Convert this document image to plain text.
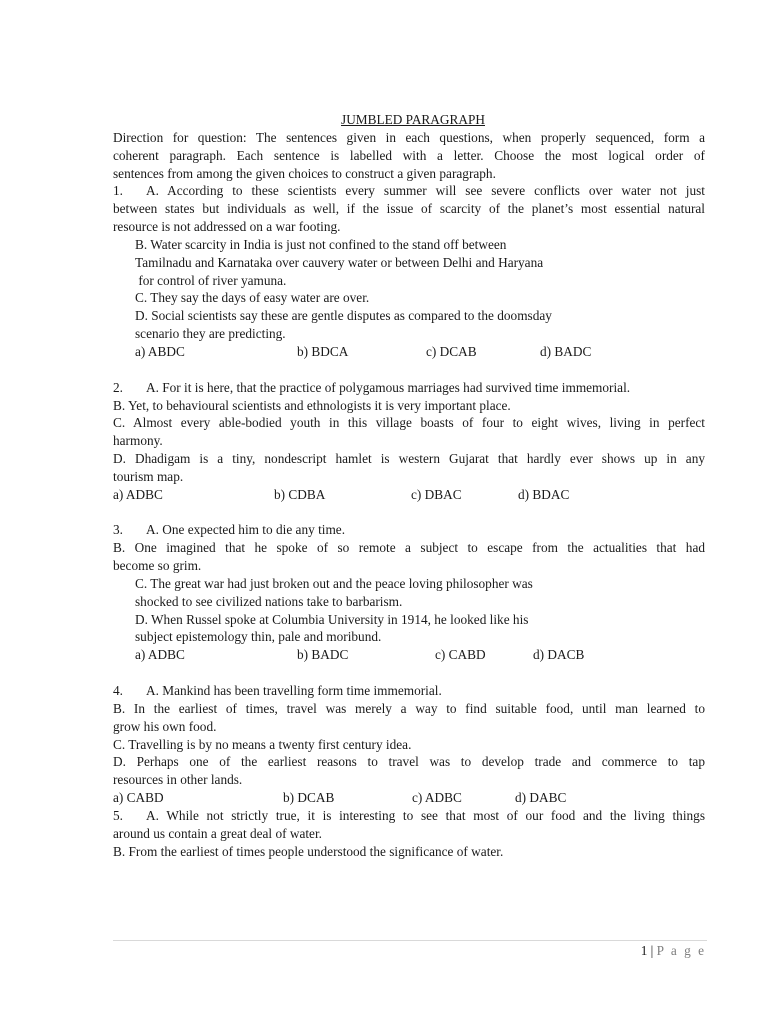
JUMBLED PARAGRAPH
Direction for question: The sentences given in each questions, when properly sequenced, form a
coherent paragraph. Each sentence is labelled with a letter. Choose the most logical order of
sentences from among the given choices to construct a given paragraph.
1. A. According to these scientists every summer will see severe conflicts over water not just
between states but individuals as well, if the issue of scarcity of the planet’s most essential natural
resource is not addressed on a war footing.
B. Water scarcity in India is just not confined to the stand off between
Tamilnadu and Karnataka over cauvery water or between Delhi and Haryana
for control of river yamuna.
C. They say the days of easy water are over.
D. Social scientists say these are gentle disputes as compared to the doomsday
scenario they are predicting.
a) ABDC	b) BDCA	c) DCAB	d) BADC
2. A. For it is here, that the practice of polygamous marriages had survived time immemorial.
B. Yet, to behavioural scientists and ethnologists it is very important place.
C. Almost every able-bodied youth in this village boasts of four to eight wives, living in perfect
harmony.
D. Dhadigam is a tiny, nondescript hamlet is western Gujarat that hardly ever shows up in any
tourism map.
a) ADBC	b) CDBA	c) DBAC	d) BDAC
3. A. One expected him to die any time.
B. One imagined that he spoke of so remote a subject to escape from the actualities that had
become so grim.
C. The great war had just broken out and the peace loving philosopher was
shocked to see civilized nations take to barbarism.
D. When Russel spoke at Columbia University in 1914, he looked like his
subject epistemology thin, pale and moribund.
a) ADBC	b) BADC	c) CABD	d) DACB
4. A. Mankind has been travelling form time immemorial.
B. In the earliest of times, travel was merely a way to find suitable food, until man learned to
grow his own food.
C. Travelling is by no means a twenty first century idea.
D. Perhaps one of the earliest reasons to travel was to develop trade and commerce to tap
resources in other lands.
a) CABD	b) DCAB	c) ADBC	d) DABC
5. A. While not strictly true, it is interesting to see that most of our food and the living things
around us contain a great deal of water.
B. From the earliest of times people understood the significance of water.
1 | P a g e
